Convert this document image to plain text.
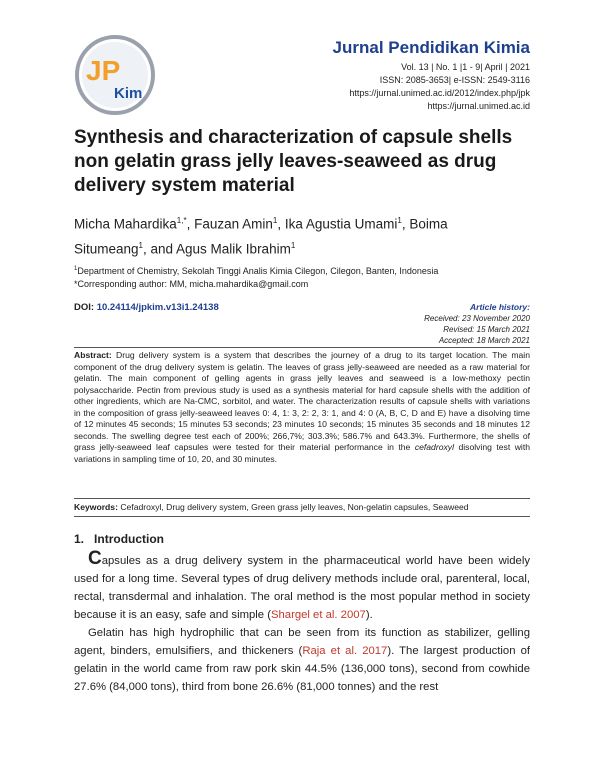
JP
Kim
Jurnal Pendidikan Kimia
Vol. 13 | No. 1 |1 - 9| April | 2021
ISSN: 2085-3653| e-ISSN: 2549-3116
https://jurnal.unimed.ac.id/2012/index.php/jpk
https://jurnal.unimed.ac.id
Synthesis and characterization of capsule shells
non gelatin grass jelly leaves-seaweed as drug
delivery system material
Micha Mahardika$^{1,*}$, Fauzan Amin$^1$, Ika Agustia Umami$^1$, Boima
Situmeang$^1$, and Agus Malik Ibrahim$^1$
$^1$Department of Chemistry, Sekolah Tinggi Analis Kimia Cilegon, Cilegon, Banten, Indonesia
*Corresponding author: MM, micha.mahardika@gmail.com
DOI: 10.24114/jpkim.v13i1.24138	Article history:
Received: 23 November 2020
Revised: 15 March 2021
Accepted: 18 March 2021
Abstract: Drug delivery system is a system that describes the journey of a drug to its target location. The main component of the drug delivery system is gelatin. The leaves of grass jelly-seaweed are needed as a raw material for gelatin. The main component of gelling agents in grass jelly leaves and seaweed is a low-methoxy pectin polysaccharide. Pectin from previous study is used as a synthesis material for hard capsule shells with the addition of other ingredients, which are Na-CMC, sorbitol, and water. The characterization results of capsule shells with variations in the composition of grass jelly-seaweed leaves 0: 4, 1: 3, 2: 2, 3: 1, and 4: 0 (A, B, C, D and E) have a disolving time of 12 minutes 45 seconds; 15 minutes 53 seconds; 23 minutes 10 seconds; 15 minutes 35 seconds and 18 minutes 12 seconds. The swelling degree test each of 200%; 266,7%; 303.3%; 586.7% and 643.3%. Furthermore, the shells of grass jelly-seaweed leaf capsules were tested for their material performance in the cefadroxyl disolving test with variations in sampling time of 10, 20, and 30 minutes.
Keywords: Cefadroxyl, Drug delivery system, Green grass jelly leaves, Non-gelatin capsules, Seaweed
1. Introduction
Capsules as a drug delivery system in the pharmaceutical world have been widely used for a long time. Several types of drug delivery methods include oral, parenteral, local, rectal, transdermal and inhalation. The oral method is the most popular method in society because it is an easy, safe and simple (Shargel et al. 2007).
Gelatin has high hydrophilic that can be seen from its function as stabilizer, gelling agent, binders, emulsifiers, and thickeners (Raja et al. 2017). The largest production of gelatin in the world came from raw pork skin 44.5% (136,000 tons), second from cowhide 27.6% (84,000 tons), third from bone 26.6% (81,000 tonnes) and the rest
